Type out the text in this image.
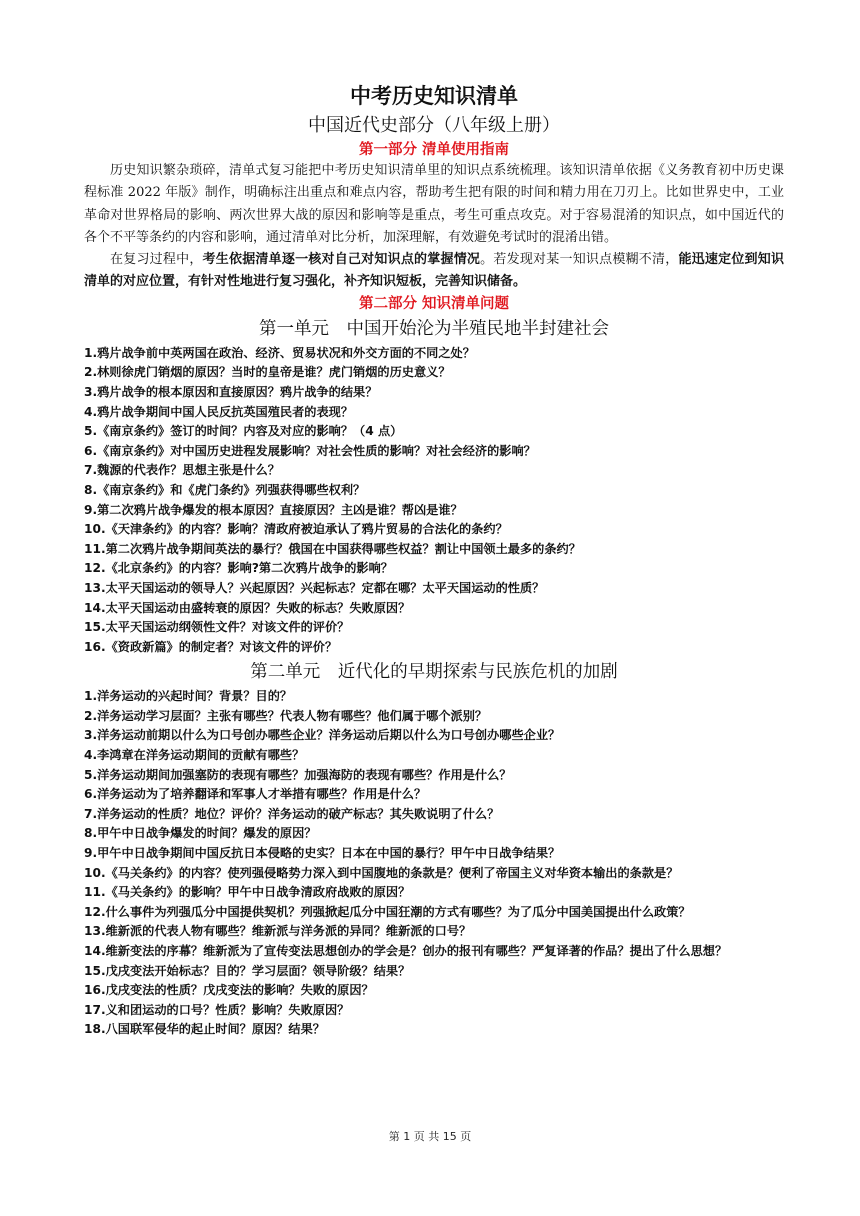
中考历史知识清单
中国近代史部分（八年级上册）
第一部分 清单使用指南

历史知识繁杂琐碎，清单式复习能把中考历史知识清单里的知识点系统梳理。该知识清单依据《义务教育初中历史课程标准 2022 年版》制作，明确标注出重点和难点内容，帮助考生把有限的时间和精力用在刀刃上。比如世界史中，工业革命对世界格局的影响、两次世界大战的原因和影响等是重点，考生可重点攻克。对于容易混淆的知识点，如中国近代的各个不平等条约的内容和影响，通过清单对比分析，加深理解，有效避免考试时的混淆出错。

在复习过程中，考生依据清单逐一核对自己对知识点的掌握情况。若发现对某一知识点模糊不清，能迅速定位到知识清单的对应位置，有针对性地进行复习强化，补齐知识短板，完善知识储备。

第二部分 知识清单问题
第一单元　中国开始沦为半殖民地半封建社会

1.鸦片战争前中英两国在政治、经济、贸易状况和外交方面的不同之处？

2.林则徐虎门销烟的原因？当时的皇帝是谁？虎门销烟的历史意义？

3.鸦片战争的根本原因和直接原因？鸦片战争的结果？

4.鸦片战争期间中国人民反抗英国殖民者的表现？

5.《南京条约》签订的时间？内容及对应的影响？（4 点）

6.《南京条约》对中国历史进程发展影响？对社会性质的影响？对社会经济的影响？

7.魏源的代表作？思想主张是什么？

8.《南京条约》和《虎门条约》列强获得哪些权利？

9.第二次鸦片战争爆发的根本原因？直接原因？主凶是谁？帮凶是谁？

10.《天津条约》的内容？影响？清政府被迫承认了鸦片贸易的合法化的条约？

11.第二次鸦片战争期间英法的暴行？俄国在中国获得哪些权益？割让中国领土最多的条约？

12.《北京条约》的内容？影响?第二次鸦片战争的影响？

13.太平天国运动的领导人？兴起原因？兴起标志？定都在哪？太平天国运动的性质？

14.太平天国运动由盛转衰的原因？失败的标志？失败原因？

15.太平天国运动纲领性文件？对该文件的评价？

16.《资政新篇》的制定者？对该文件的评价？

第二单元　近代化的早期探索与民族危机的加剧

1.洋务运动的兴起时间？背景？目的？

2.洋务运动学习层面？主张有哪些？代表人物有哪些？他们属于哪个派别？

3.洋务运动前期以什么为口号创办哪些企业？洋务运动后期以什么为口号创办哪些企业？

4.李鸿章在洋务运动期间的贡献有哪些？

5.洋务运动期间加强塞防的表现有哪些？加强海防的表现有哪些？作用是什么？

6.洋务运动为了培养翻译和军事人才举措有哪些？作用是什么？

7.洋务运动的性质？地位？评价？洋务运动的破产标志？其失败说明了什么？

8.甲午中日战争爆发的时间？爆发的原因？

9.甲午中日战争期间中国反抗日本侵略的史实？日本在中国的暴行？甲午中日战争结果？

10.《马关条约》的内容？使列强侵略势力深入到中国腹地的条款是？便利了帝国主义对华资本输出的条款是？

11.《马关条约》的影响？甲午中日战争清政府战败的原因？

12.什么事件为列强瓜分中国提供契机？列强掀起瓜分中国狂潮的方式有哪些？为了瓜分中国美国提出什么政策？

13.维新派的代表人物有哪些？维新派与洋务派的异同？维新派的口号？

14.维新变法的序幕？维新派为了宣传变法思想创办的学会是？创办的报刊有哪些？严复译著的作品？提出了什么思想？

15.戊戌变法开始标志？目的？学习层面？领导阶级？结果？

16.戊戌变法的性质？戊戌变法的影响？失败的原因？

17.义和团运动的口号？性质？影响？失败原因？

18.八国联军侵华的起止时间？原因？结果？

第 1 页 共 15 页
